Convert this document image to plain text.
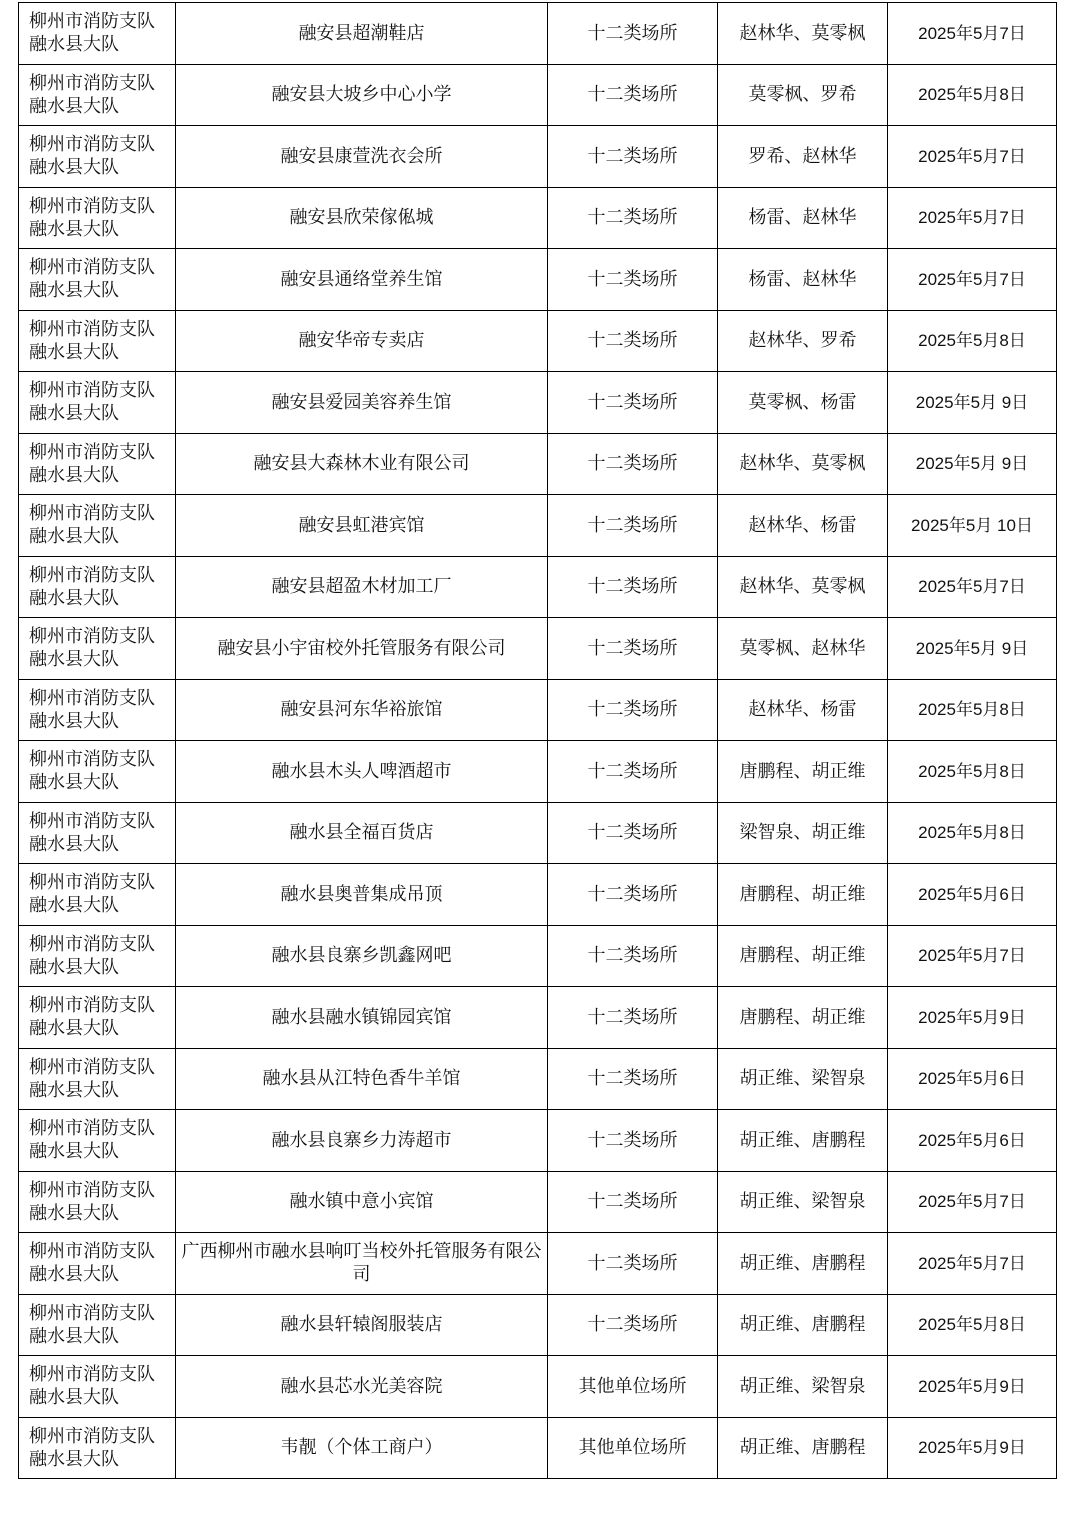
柳州市消防支队
融水县大队	融安县超潮鞋店	十二类场所	赵林华、莫零枫	2025年5月7日
柳州市消防支队
融水县大队	融安县大坡乡中心小学	十二类场所	莫零枫、罗希	2025年5月8日
柳州市消防支队
融水县大队	融安县康萱洗衣会所	十二类场所	罗希、赵林华	2025年5月7日
柳州市消防支队
融水县大队	融安县欣荣傢俬城	十二类场所	杨雷、赵林华	2025年5月7日
柳州市消防支队
融水县大队	融安县通络堂养生馆	十二类场所	杨雷、赵林华	2025年5月7日
柳州市消防支队
融水县大队	融安华帝专卖店	十二类场所	赵林华、罗希	2025年5月8日
柳州市消防支队
融水县大队	融安县爱园美容养生馆	十二类场所	莫零枫、杨雷	2025年5月 9日
柳州市消防支队
融水县大队	融安县大森林木业有限公司	十二类场所	赵林华、莫零枫	2025年5月 9日
柳州市消防支队
融水县大队	融安县虹港宾馆	十二类场所	赵林华、杨雷	2025年5月 10日
柳州市消防支队
融水县大队	融安县超盈木材加工厂	十二类场所	赵林华、莫零枫	2025年5月7日
柳州市消防支队
融水县大队	融安县小宇宙校外托管服务有限公司	十二类场所	莫零枫、赵林华	2025年5月 9日
柳州市消防支队
融水县大队	融安县河东华裕旅馆	十二类场所	赵林华、杨雷	2025年5月8日
柳州市消防支队
融水县大队	融水县木头人啤酒超市	十二类场所	唐鹏程、胡正维	2025年5月8日
柳州市消防支队
融水县大队	融水县全福百货店	十二类场所	梁智泉、胡正维	2025年5月8日
柳州市消防支队
融水县大队	融水县奥普集成吊顶	十二类场所	唐鹏程、胡正维	2025年5月6日
柳州市消防支队
融水县大队	融水县良寨乡凯鑫网吧	十二类场所	唐鹏程、胡正维	2025年5月7日
柳州市消防支队
融水县大队	融水县融水镇锦园宾馆	十二类场所	唐鹏程、胡正维	2025年5月9日
柳州市消防支队
融水县大队	融水县从江特色香牛羊馆	十二类场所	胡正维、梁智泉	2025年5月6日
柳州市消防支队
融水县大队	融水县良寨乡力涛超市	十二类场所	胡正维、唐鹏程	2025年5月6日
柳州市消防支队
融水县大队	融水镇中意小宾馆	十二类场所	胡正维、梁智泉	2025年5月7日
柳州市消防支队
融水县大队	广西柳州市融水县响叮当校外托管服务有限公司	十二类场所	胡正维、唐鹏程	2025年5月7日
柳州市消防支队
融水县大队	融水县轩辕阁服装店	十二类场所	胡正维、唐鹏程	2025年5月8日
柳州市消防支队
融水县大队	融水县芯水光美容院	其他单位场所	胡正维、梁智泉	2025年5月9日
柳州市消防支队
融水县大队	韦靓（个体工商户）	其他单位场所	胡正维、唐鹏程	2025年5月9日
